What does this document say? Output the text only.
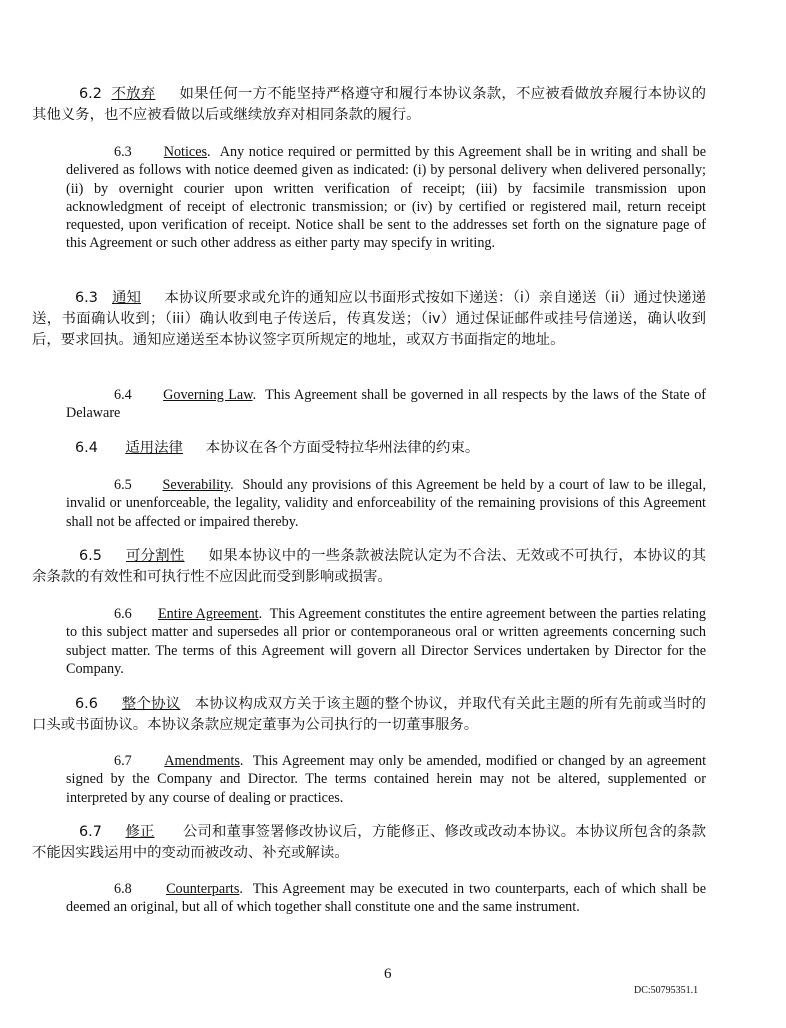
6.2 不放弃 如果任何一方不能坚持严格遵守和履行本协议条款，不应被看做放弃履行本协议的其他义务，也不应被看做以后或继续放弃对相同条款的履行。

6.3 Notices.  Any notice required or permitted by this Agreement shall be in writing and shall be delivered as follows with notice deemed given as indicated: (i) by personal delivery when delivered personally; (ii) by overnight courier upon written verification of receipt; (iii) by facsimile transmission upon acknowledgment of receipt of electronic transmission; or (iv) by certified or registered mail, return receipt requested, upon verification of receipt. Notice shall be sent to the addresses set forth on the signature page of this Agreement or such other address as either party may specify in writing.

6.3 通知 本协议所要求或允许的通知应以书面形式按如下递送：（i）亲自递送（ii）通过快递递送，书面确认收到；（iii）确认收到电子传送后，传真发送；（iv）通过保证邮件或挂号信递送，确认收到后，要求回执。通知应递送至本协议签字页所规定的地址，或双方书面指定的地址。

6.4 Governing Law.  This Agreement shall be governed in all respects by the laws of the State of Delaware

6.4 适用法律 本协议在各个方面受特拉华州法律的约束。

6.5 Severability.  Should any provisions of this Agreement be held by a court of law to be illegal, invalid or unenforceable, the legality, validity and enforceability of the remaining provisions of this Agreement shall not be affected or impaired thereby.

6.5 可分割性 如果本协议中的一些条款被法院认定为不合法、无效或不可执行，本协议的其余条款的有效性和可执行性不应因此而受到影响或损害。

6.6 Entire Agreement.  This Agreement constitutes the entire agreement between the parties relating to this subject matter and supersedes all prior or contemporaneous oral or written agreements concerning such subject matter. The terms of this Agreement will govern all Director Services undertaken by Director for the Company.

6.6 整个协议 本协议构成双方关于该主题的整个协议，并取代有关此主题的所有先前或当时的口头或书面协议。本协议条款应规定董事为公司执行的一切董事服务。

6.7 Amendments.  This Agreement may only be amended, modified or changed by an agreement signed by the Company and Director. The terms contained herein may not be altered, supplemented or interpreted by any course of dealing or practices.

6.7 修正 公司和董事签署修改协议后，方能修正、修改或改动本协议。本协议所包含的条款不能因实践运用中的变动而被改动、补充或解读。

6.8 Counterparts.  This Agreement may be executed in two counterparts, each of which shall be deemed an original, but all of which together shall constitute one and the same instrument.

6
DC:50795351.1
